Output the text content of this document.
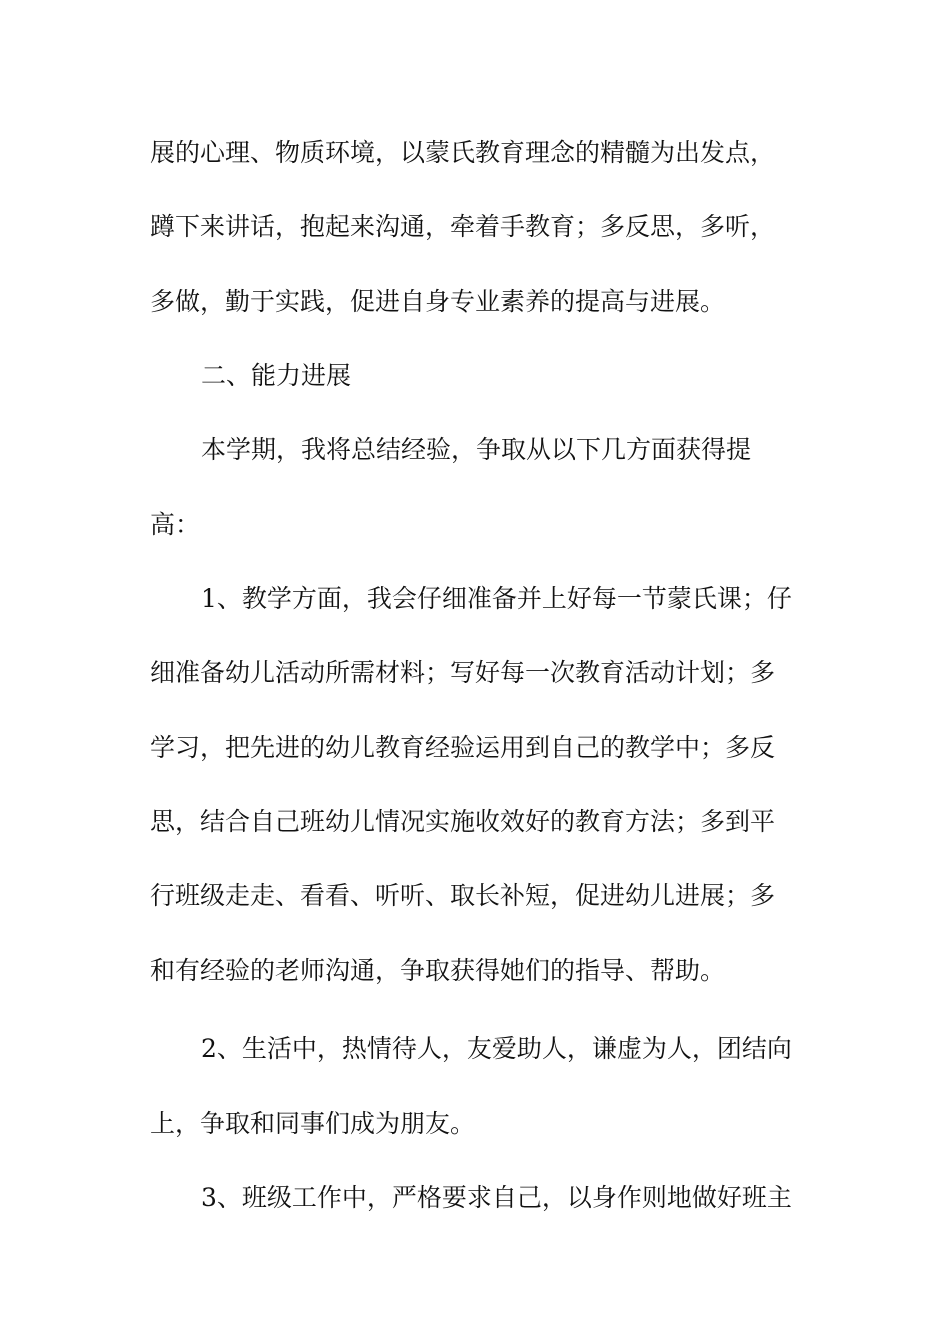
展的心理、物质环境，以蒙氏教育理念的精髓为出发点，

蹲下来讲话，抱起来沟通，牵着手教育；多反思，多听，

多做，勤于实践，促进自身专业素养的提高与进展。

二、能力进展

本学期，我将总结经验，争取从以下几方面获得提

高：

1、教学方面，我会仔细准备并上好每一节蒙氏课；仔

细准备幼儿活动所需材料；写好每一次教育活动计划；多

学习，把先进的幼儿教育经验运用到自己的教学中；多反

思，结合自己班幼儿情况实施收效好的教育方法；多到平

行班级走走、看看、听听、取长补短，促进幼儿进展；多

和有经验的老师沟通，争取获得她们的指导、帮助。

2、生活中，热情待人，友爱助人，谦虚为人，团结向

上，争取和同事们成为朋友。

3、班级工作中，严格要求自己，以身作则地做好班主
